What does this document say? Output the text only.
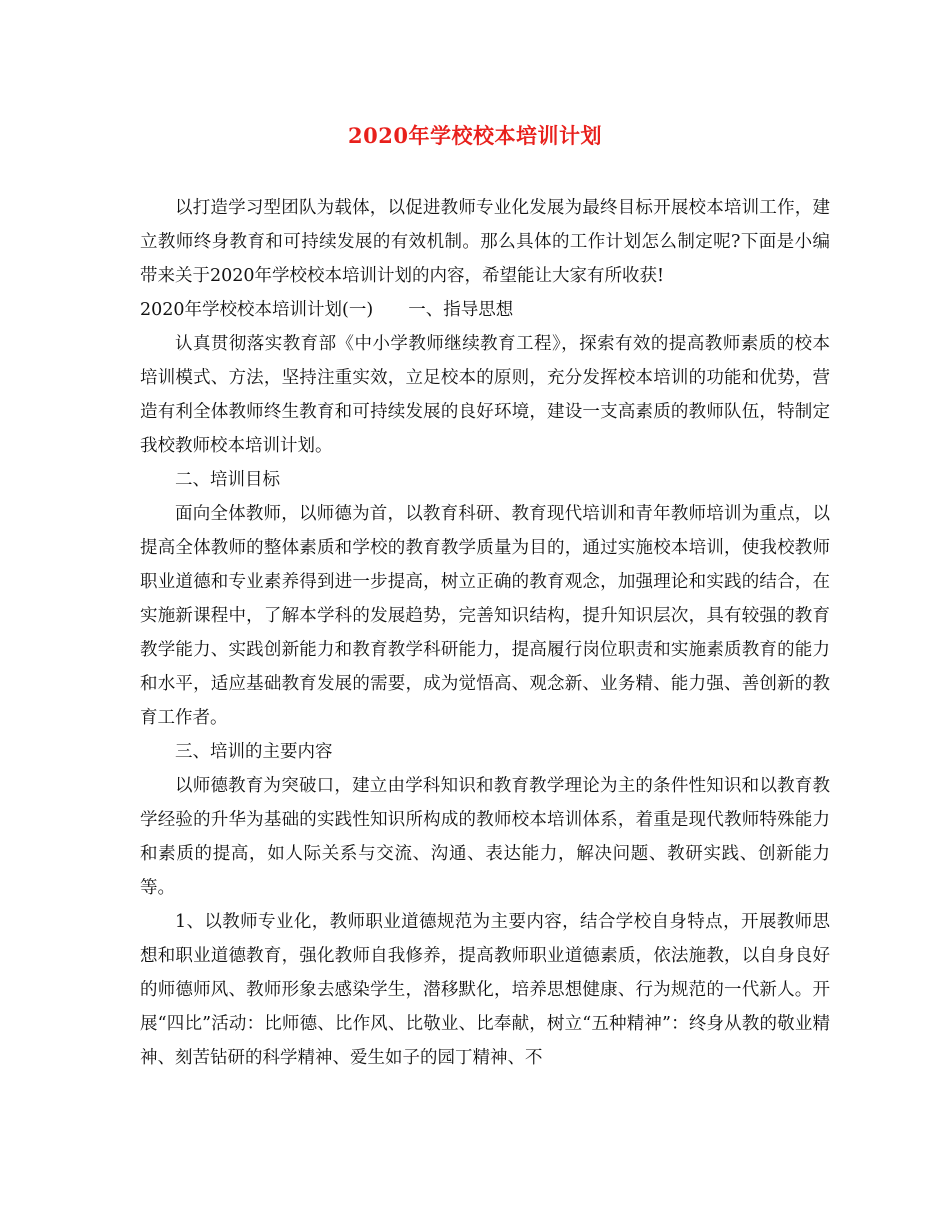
2020年学校校本培训计划

以打造学习型团队为载体，以促进教师专业化发展为最终目标开展校本培训工作，建立教师终身教育和可持续发展的有效机制。那么具体的工作计划怎么制定呢?下面是小编带来关于2020年学校校本培训计划的内容，希望能让大家有所收获!

2020年学校校本培训计划(一)　　一、指导思想

认真贯彻落实教育部《中小学教师继续教育工程》，探索有效的提高教师素质的校本培训模式、方法，坚持注重实效，立足校本的原则，充分发挥校本培训的功能和优势，营造有利全体教师终生教育和可持续发展的良好环境，建设一支高素质的教师队伍，特制定我校教师校本培训计划。

二、培训目标

面向全体教师，以师德为首，以教育科研、教育现代培训和青年教师培训为重点，以提高全体教师的整体素质和学校的教育教学质量为目的，通过实施校本培训，使我校教师职业道德和专业素养得到进一步提高，树立正确的教育观念，加强理论和实践的结合，在实施新课程中，了解本学科的发展趋势，完善知识结构，提升知识层次，具有较强的教育教学能力、实践创新能力和教育教学科研能力，提高履行岗位职责和实施素质教育的能力和水平，适应基础教育发展的需要，成为觉悟高、观念新、业务精、能力强、善创新的教育工作者。

三、培训的主要内容

以师德教育为突破口，建立由学科知识和教育教学理论为主的条件性知识和以教育教学经验的升华为基础的实践性知识所构成的教师校本培训体系，着重是现代教师特殊能力和素质的提高，如人际关系与交流、沟通、表达能力，解决问题、教研实践、创新能力等。

1、以教师专业化，教师职业道德规范为主要内容，结合学校自身特点，开展教师思想和职业道德教育，强化教师自我修养，提高教师职业道德素质，依法施教，以自身良好的师德师风、教师形象去感染学生，潜移默化，培养思想健康、行为规范的一代新人。开展“四比”活动：比师德、比作风、比敬业、比奉献，树立“五种精神”：终身从教的敬业精神、刻苦钻研的科学精神、爱生如子的园丁精神、不
